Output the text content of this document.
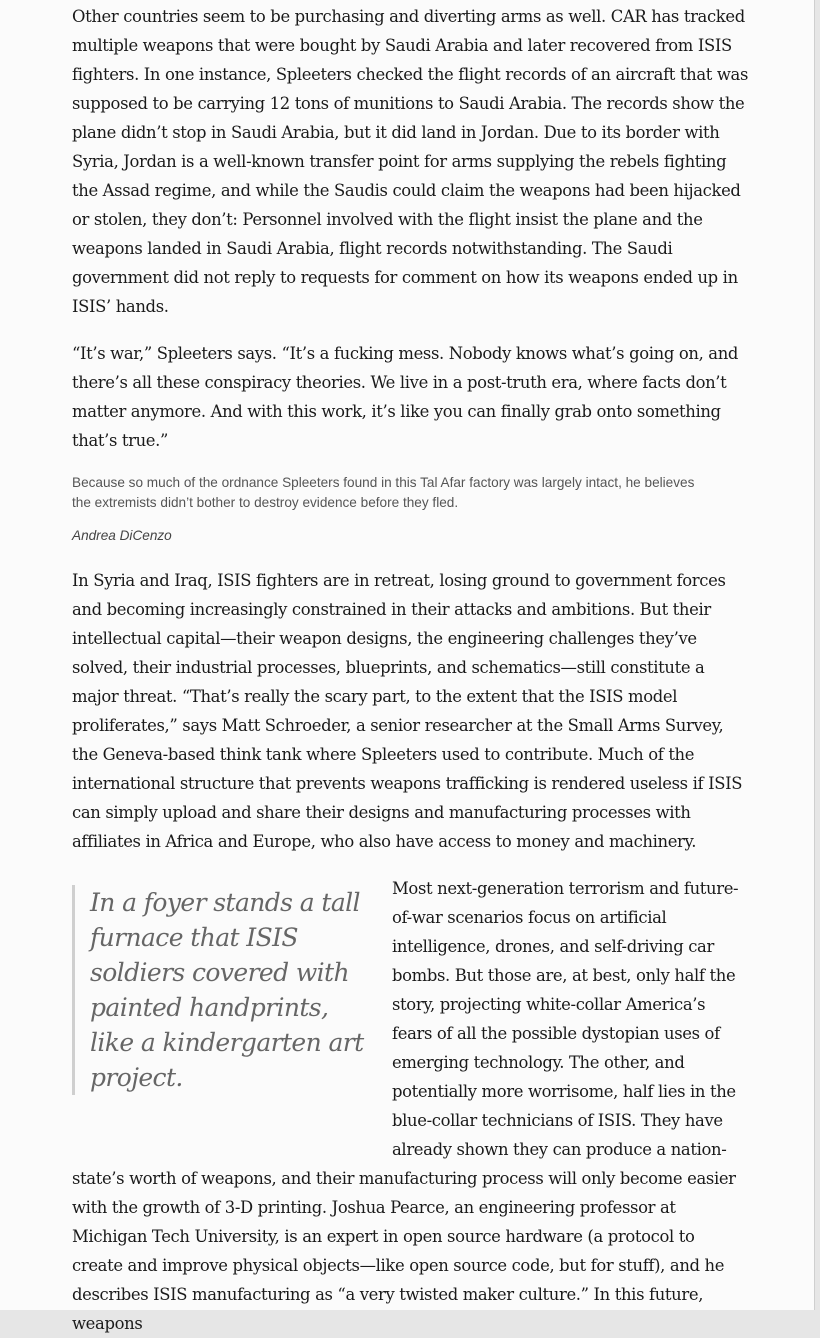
Other countries seem to be purchasing and diverting arms as well. CAR has tracked multiple weapons that were bought by Saudi Arabia and later recovered from ISIS fighters. In one instance, Spleeters checked the flight records of an aircraft that was supposed to be carrying 12 tons of munitions to Saudi Arabia. The records show the plane didn’t stop in Saudi Arabia, but it did land in Jordan. Due to its border with Syria, Jordan is a well-known transfer point for arms supplying the rebels fighting the Assad regime, and while the Saudis could claim the weapons had been hijacked or stolen, they don’t: Personnel involved with the flight insist the plane and the weapons landed in Saudi Arabia, flight records notwithstanding. The Saudi government did not reply to requests for comment on how its weapons ended up in ISIS’ hands.

“It’s war,” Spleeters says. “It’s a fucking mess. Nobody knows what’s going on, and there’s all these conspiracy theories. We live in a post-truth era, where facts don’t matter anymore. And with this work, it’s like you can finally grab onto something that’s true.”

Because so much of the ordnance Spleeters found in this Tal Afar factory was largely intact, he believes the extremists didn’t bother to destroy evidence before they fled.

Andrea DiCenzo

In Syria and Iraq, ISIS fighters are in retreat, losing ground to government forces and becoming increasingly constrained in their attacks and ambitions. But their intellectual capital—their weapon designs, the engineering challenges they’ve solved, their industrial processes, blueprints, and schematics—still constitute a major threat. “That’s really the scary part, to the extent that the ISIS model proliferates,” says Matt Schroeder, a senior researcher at the Small Arms Survey, the Geneva-based think tank where Spleeters used to contribute. Much of the international structure that prevents weapons trafficking is rendered useless if ISIS can simply upload and share their designs and manufacturing processes with affiliates in Africa and Europe, who also have access to money and machinery.

In a foyer stands a tall furnace that ISIS soldiers covered with painted handprints, like a kindergarten art project.

Most next-generation terrorism and future-of-war scenarios focus on artificial intelligence, drones, and self-driving car bombs. But those are, at best, only half the story, projecting white-collar America’s fears of all the possible dystopian uses of emerging technology. The other, and potentially more worrisome, half lies in the blue-collar technicians of ISIS. They have already shown they can produce a nation-

state’s worth of weapons, and their manufacturing process will only become easier with the growth of 3-D printing. Joshua Pearce, an engineering professor at Michigan Tech University, is an expert in open source hardware (a protocol to create and improve physical objects—like open source code, but for stuff), and he describes ISIS manufacturing as “a very twisted maker culture.” In this future, weapons
